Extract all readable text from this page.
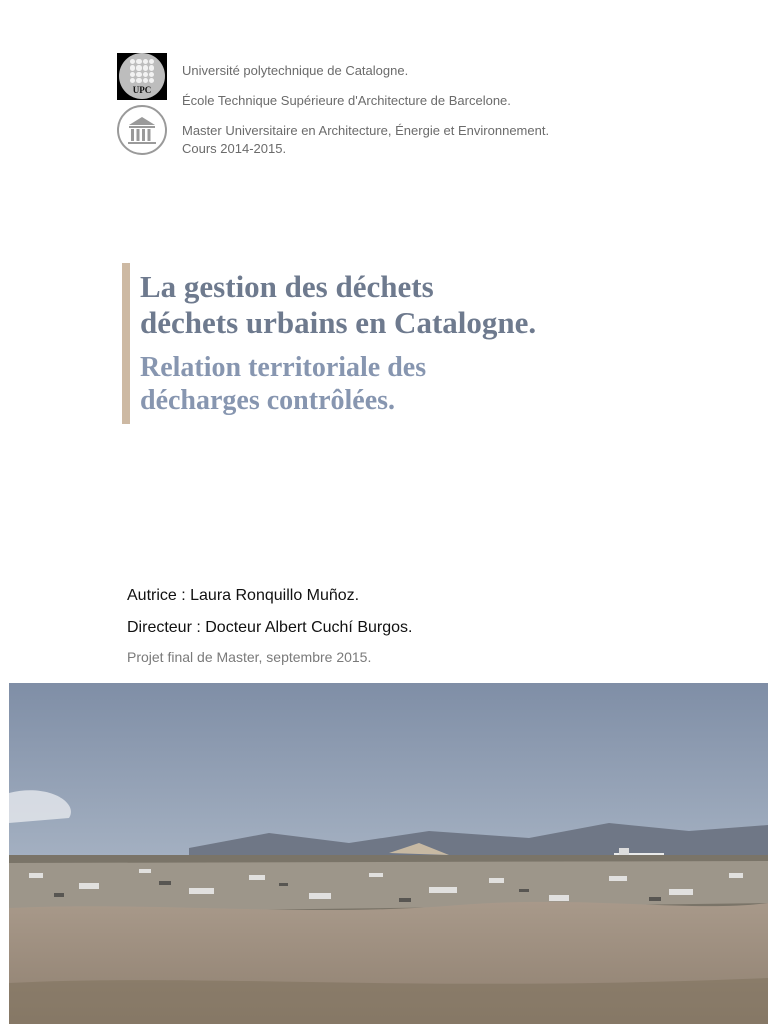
UPC
Université polytechnique de Catalogne.
École Technique Supérieure d'Architecture de Barcelone.
Master Universitaire en Architecture, Énergie et Environnement.
Cours 2014-2015.
La gestion des déchets
déchets urbains en Catalogne.
Relation territoriale des
décharges contrôlées.
Autrice : Laura Ronquillo Muñoz.
Directeur : Docteur Albert Cuchí Burgos.
Projet final de Master, septembre 2015.
